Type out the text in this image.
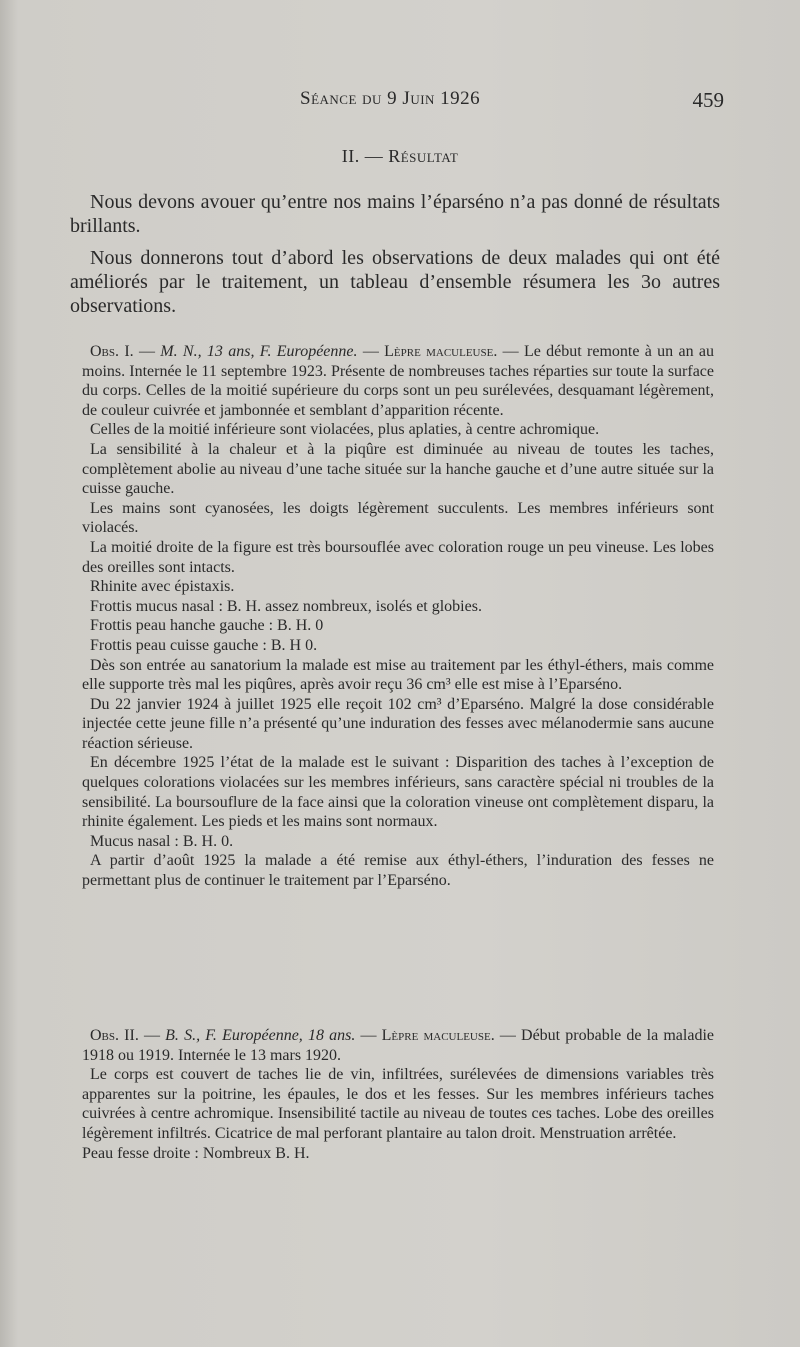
Séance du 9 Juin 1926	459
II. — Résultat

Nous devons avouer qu’entre nos mains l’éparséno n’a pas donné de résultats brillants.

Nous donnerons tout d’abord les observations de deux malades qui ont été améliorés par le traitement, un tableau d’ensemble résumera les 3o autres observations.

Obs. I. — M. N., 13 ans, F. Européenne. — Lèpre maculeuse. — Le début remonte à un an au moins. Internée le 11 septembre 1923. Présente de nombreuses taches réparties sur toute la surface du corps. Celles de la moitié supérieure du corps sont un peu surélevées, desquamant légèrement, de couleur cuivrée et jambonnée et semblant d’apparition récente.

Celles de la moitié inférieure sont violacées, plus aplaties, à centre achromique.

La sensibilité à la chaleur et à la piqûre est diminuée au niveau de toutes les taches, complètement abolie au niveau d’une tache située sur la hanche gauche et d’une autre située sur la cuisse gauche.

Les mains sont cyanosées, les doigts légèrement succulents. Les membres inférieurs sont violacés.

La moitié droite de la figure est très boursouflée avec coloration rouge un peu vineuse. Les lobes des oreilles sont intacts.

Rhinite avec épistaxis.

Frottis mucus nasal : B. H. assez nombreux, isolés et globies.

Frottis peau hanche gauche : B. H. 0

Frottis peau cuisse gauche : B. H 0.

Dès son entrée au sanatorium la malade est mise au traitement par les éthyl-éthers, mais comme elle supporte très mal les piqûres, après avoir reçu 36 cm³ elle est mise à l’Eparséno.

Du 22 janvier 1924 à juillet 1925 elle reçoit 102 cm³ d’Eparséno. Malgré la dose considérable injectée cette jeune fille n’a présenté qu’une induration des fesses avec mélanodermie sans aucune réaction sérieuse.

En décembre 1925 l’état de la malade est le suivant : Disparition des taches à l’exception de quelques colorations violacées sur les membres inférieurs, sans caractère spécial ni troubles de la sensibilité. La boursouflure de la face ainsi que la coloration vineuse ont complètement disparu, la rhinite également. Les pieds et les mains sont normaux.

Mucus nasal : B. H. 0.

A partir d’août 1925 la malade a été remise aux éthyl-éthers, l’induration des fesses ne permettant plus de continuer le traitement par l’Eparséno.

Obs. II. — B. S., F. Européenne, 18 ans. — Lèpre maculeuse. — Début probable de la maladie 1918 ou 1919. Internée le 13 mars 1920.

Le corps est couvert de taches lie de vin, infiltrées, surélevées de dimensions variables très apparentes sur la poitrine, les épaules, le dos et les fesses. Sur les membres inférieurs taches cuivrées à centre achromique. Insensibilité tactile au niveau de toutes ces taches. Lobe des oreilles légèrement infiltrés. Cicatrice de mal perforant plantaire au talon droit. Menstruation arrêtée.

Peau fesse droite : Nombreux B. H.
